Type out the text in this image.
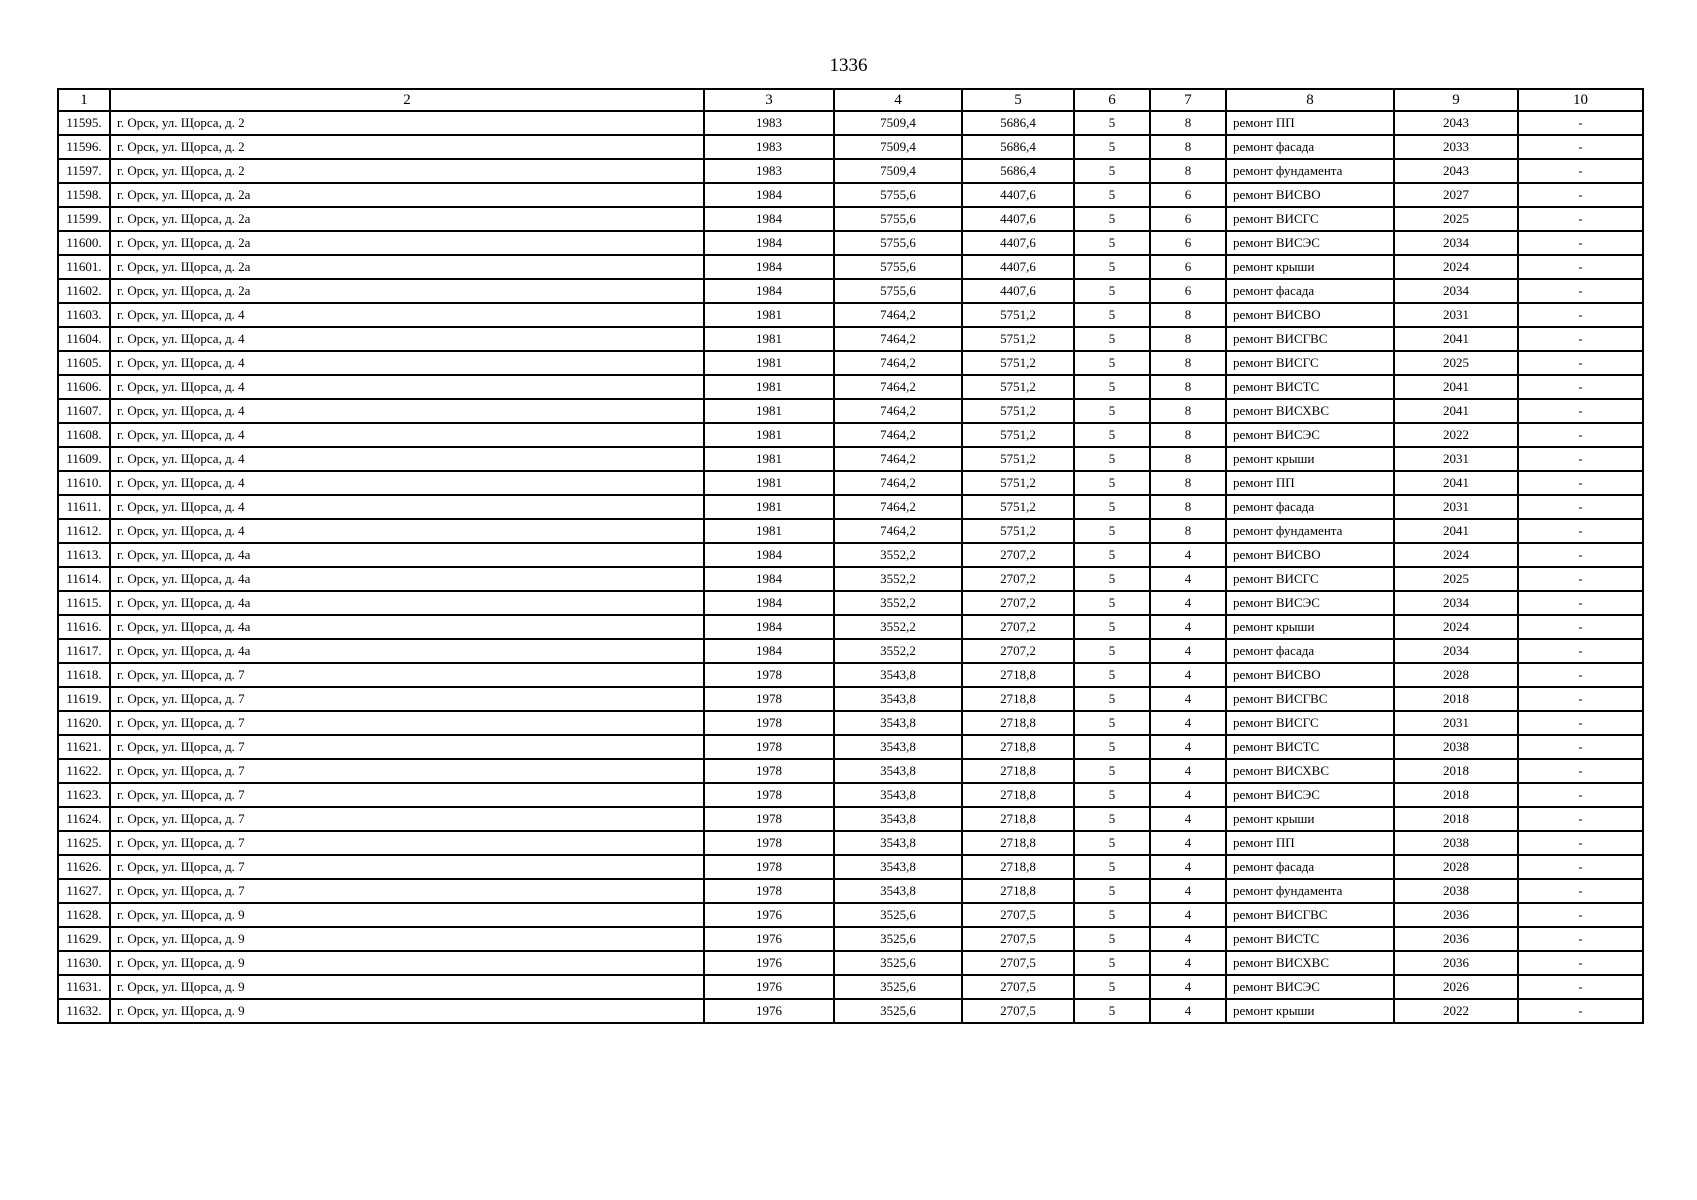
1336
1	2	3	4	5	6	7	8	9	10
11595.	г. Орск, ул. Щорса, д. 2	1983	7509,4	5686,4	5	8	ремонт ПП	2043	-
11596.	г. Орск, ул. Щорса, д. 2	1983	7509,4	5686,4	5	8	ремонт фасада	2033	-
11597.	г. Орск, ул. Щорса, д. 2	1983	7509,4	5686,4	5	8	ремонт фундамента	2043	-
11598.	г. Орск, ул. Щорса, д. 2а	1984	5755,6	4407,6	5	6	ремонт ВИСВО	2027	-
11599.	г. Орск, ул. Щорса, д. 2а	1984	5755,6	4407,6	5	6	ремонт ВИСГС	2025	-
11600.	г. Орск, ул. Щорса, д. 2а	1984	5755,6	4407,6	5	6	ремонт ВИСЭС	2034	-
11601.	г. Орск, ул. Щорса, д. 2а	1984	5755,6	4407,6	5	6	ремонт крыши	2024	-
11602.	г. Орск, ул. Щорса, д. 2а	1984	5755,6	4407,6	5	6	ремонт фасада	2034	-
11603.	г. Орск, ул. Щорса, д. 4	1981	7464,2	5751,2	5	8	ремонт ВИСВО	2031	-
11604.	г. Орск, ул. Щорса, д. 4	1981	7464,2	5751,2	5	8	ремонт ВИСГВС	2041	-
11605.	г. Орск, ул. Щорса, д. 4	1981	7464,2	5751,2	5	8	ремонт ВИСГС	2025	-
11606.	г. Орск, ул. Щорса, д. 4	1981	7464,2	5751,2	5	8	ремонт ВИСТС	2041	-
11607.	г. Орск, ул. Щорса, д. 4	1981	7464,2	5751,2	5	8	ремонт ВИСХВС	2041	-
11608.	г. Орск, ул. Щорса, д. 4	1981	7464,2	5751,2	5	8	ремонт ВИСЭС	2022	-
11609.	г. Орск, ул. Щорса, д. 4	1981	7464,2	5751,2	5	8	ремонт крыши	2031	-
11610.	г. Орск, ул. Щорса, д. 4	1981	7464,2	5751,2	5	8	ремонт ПП	2041	-
11611.	г. Орск, ул. Щорса, д. 4	1981	7464,2	5751,2	5	8	ремонт фасада	2031	-
11612.	г. Орск, ул. Щорса, д. 4	1981	7464,2	5751,2	5	8	ремонт фундамента	2041	-
11613.	г. Орск, ул. Щорса, д. 4а	1984	3552,2	2707,2	5	4	ремонт ВИСВО	2024	-
11614.	г. Орск, ул. Щорса, д. 4а	1984	3552,2	2707,2	5	4	ремонт ВИСГС	2025	-
11615.	г. Орск, ул. Щорса, д. 4а	1984	3552,2	2707,2	5	4	ремонт ВИСЭС	2034	-
11616.	г. Орск, ул. Щорса, д. 4а	1984	3552,2	2707,2	5	4	ремонт крыши	2024	-
11617.	г. Орск, ул. Щорса, д. 4а	1984	3552,2	2707,2	5	4	ремонт фасада	2034	-
11618.	г. Орск, ул. Щорса, д. 7	1978	3543,8	2718,8	5	4	ремонт ВИСВО	2028	-
11619.	г. Орск, ул. Щорса, д. 7	1978	3543,8	2718,8	5	4	ремонт ВИСГВС	2018	-
11620.	г. Орск, ул. Щорса, д. 7	1978	3543,8	2718,8	5	4	ремонт ВИСГС	2031	-
11621.	г. Орск, ул. Щорса, д. 7	1978	3543,8	2718,8	5	4	ремонт ВИСТС	2038	-
11622.	г. Орск, ул. Щорса, д. 7	1978	3543,8	2718,8	5	4	ремонт ВИСХВС	2018	-
11623.	г. Орск, ул. Щорса, д. 7	1978	3543,8	2718,8	5	4	ремонт ВИСЭС	2018	-
11624.	г. Орск, ул. Щорса, д. 7	1978	3543,8	2718,8	5	4	ремонт крыши	2018	-
11625.	г. Орск, ул. Щорса, д. 7	1978	3543,8	2718,8	5	4	ремонт ПП	2038	-
11626.	г. Орск, ул. Щорса, д. 7	1978	3543,8	2718,8	5	4	ремонт фасада	2028	-
11627.	г. Орск, ул. Щорса, д. 7	1978	3543,8	2718,8	5	4	ремонт фундамента	2038	-
11628.	г. Орск, ул. Щорса, д. 9	1976	3525,6	2707,5	5	4	ремонт ВИСГВС	2036	-
11629.	г. Орск, ул. Щорса, д. 9	1976	3525,6	2707,5	5	4	ремонт ВИСТС	2036	-
11630.	г. Орск, ул. Щорса, д. 9	1976	3525,6	2707,5	5	4	ремонт ВИСХВС	2036	-
11631.	г. Орск, ул. Щорса, д. 9	1976	3525,6	2707,5	5	4	ремонт ВИСЭС	2026	-
11632.	г. Орск, ул. Щорса, д. 9	1976	3525,6	2707,5	5	4	ремонт крыши	2022	-
